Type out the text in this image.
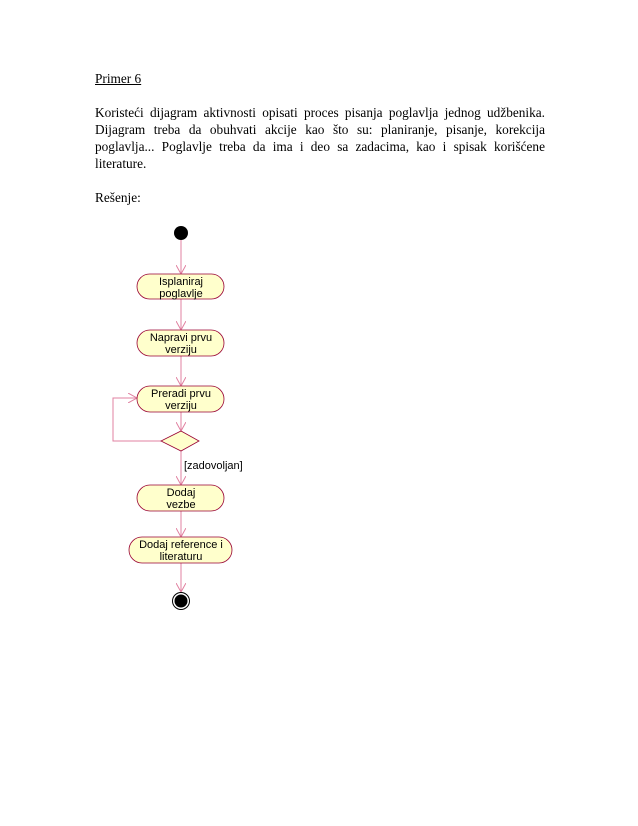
Primer 6

Koristeći dijagram aktivnosti opisati proces pisanja poglavlja jednog udžbenika. Dijagram treba da obuhvati akcije kao što su: planiranje, pisanje, korekcija poglavlja... Poglavlje treba da ima i deo sa zadacima, kao i spisak korišćene literature.

Rešenje:

Isplaniraj
poglavlje
Napravi prvu
verziju
Preradi prvu
verziju
[zadovoljan]
Dodaj
vezbe
Dodaj reference i
literaturu
